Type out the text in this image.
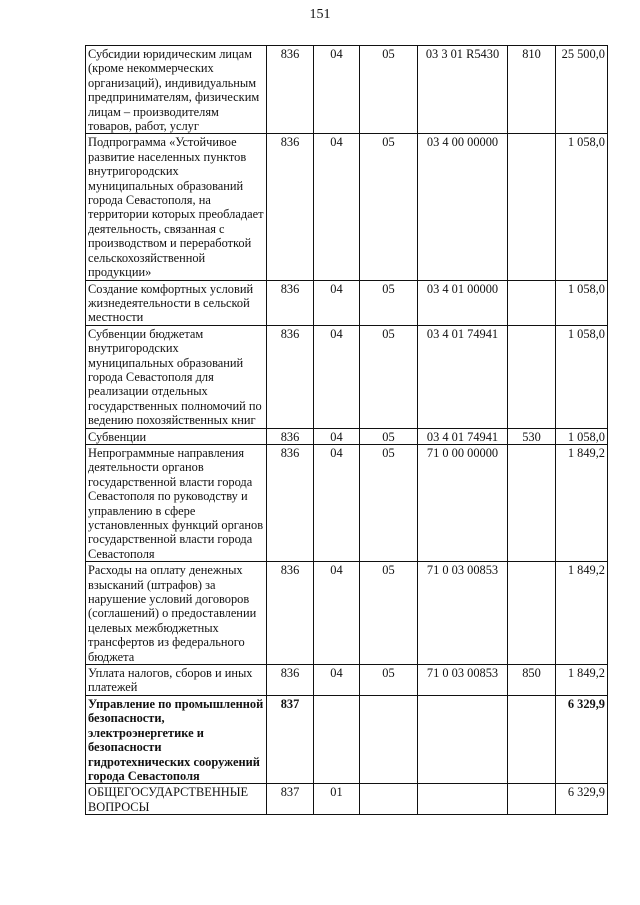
151
Субсидии юридическим лицам (кроме некоммерческих организаций), индивидуальным предпринимателям, физическим лицам – производителям товаров, работ, услуг	836	04	05	03 3 01 R5430	810	25 500,0
Подпрограмма «Устойчивое развитие населенных пунктов внутригородских муниципальных образований города Севастополя, на территории которых преобладает деятельность, связанная с производством и переработкой сельскохозяйственной продукции»	836	04	05	03 4 00 00000		1 058,0
Создание комфортных условий жизнедеятельности в сельской местности	836	04	05	03 4 01 00000		1 058,0
Субвенции бюджетам внутригородских муниципальных образований города Севастополя для реализации отдельных государственных полномочий по ведению похозяйственных книг	836	04	05	03 4 01 74941		1 058,0
Субвенции	836	04	05	03 4 01 74941	530	1 058,0
Непрограммные направления деятельности органов государственной власти города Севастополя по руководству и управлению в сфере установленных функций органов государственной власти города Севастополя	836	04	05	71 0 00 00000		1 849,2
Расходы на оплату денежных взысканий (штрафов) за нарушение условий договоров (соглашений) о предоставлении целевых межбюджетных трансфертов из федерального бюджета	836	04	05	71 0 03 00853		1 849,2
Уплата налогов, сборов и иных платежей	836	04	05	71 0 03 00853	850	1 849,2
Управление по промышленной безопасности, электроэнергетике и безопасности гидротехнических сооружений города Севастополя	837					6 329,9
ОБЩЕГОСУДАРСТВЕННЫЕ ВОПРОСЫ	837	01				6 329,9
